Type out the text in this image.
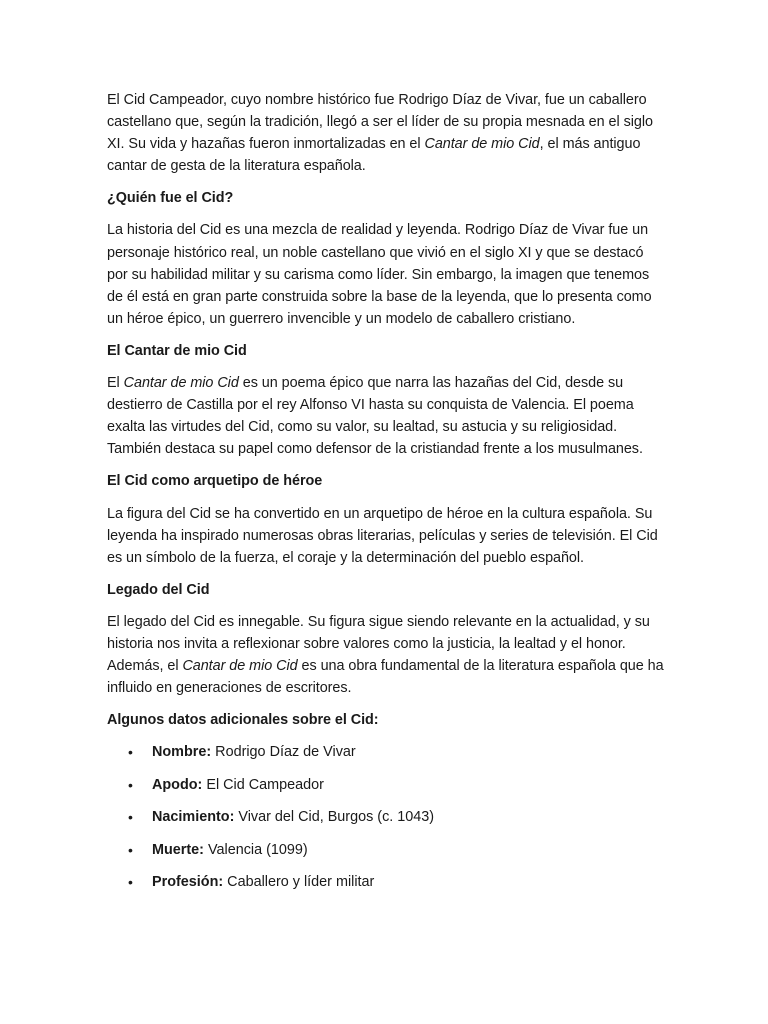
El Cid Campeador, cuyo nombre histórico fue Rodrigo Díaz de Vivar, fue un caballero castellano que, según la tradición, llegó a ser el líder de su propia mesnada en el siglo XI. Su vida y hazañas fueron inmortalizadas en el Cantar de mio Cid, el más antiguo cantar de gesta de la literatura española.

¿Quién fue el Cid?

La historia del Cid es una mezcla de realidad y leyenda. Rodrigo Díaz de Vivar fue un personaje histórico real, un noble castellano que vivió en el siglo XI y que se destacó por su habilidad militar y su carisma como líder. Sin embargo, la imagen que tenemos de él está en gran parte construida sobre la base de la leyenda, que lo presenta como un héroe épico, un guerrero invencible y un modelo de caballero cristiano.

El Cantar de mio Cid

El Cantar de mio Cid es un poema épico que narra las hazañas del Cid, desde su destierro de Castilla por el rey Alfonso VI hasta su conquista de Valencia. El poema exalta las virtudes del Cid, como su valor, su lealtad, su astucia y su religiosidad. También destaca su papel como defensor de la cristiandad frente a los musulmanes.

El Cid como arquetipo de héroe

La figura del Cid se ha convertido en un arquetipo de héroe en la cultura española. Su leyenda ha inspirado numerosas obras literarias, películas y series de televisión. El Cid es un símbolo de la fuerza, el coraje y la determinación del pueblo español.

Legado del Cid

El legado del Cid es innegable. Su figura sigue siendo relevante en la actualidad, y su historia nos invita a reflexionar sobre valores como la justicia, la lealtad y el honor. Además, el Cantar de mio Cid es una obra fundamental de la literatura española que ha influido en generaciones de escritores.

Algunos datos adicionales sobre el Cid:
• Nombre: Rodrigo Díaz de Vivar
• Apodo: El Cid Campeador
• Nacimiento: Vivar del Cid, Burgos (c. 1043)
• Muerte: Valencia (1099)
• Profesión: Caballero y líder militar
